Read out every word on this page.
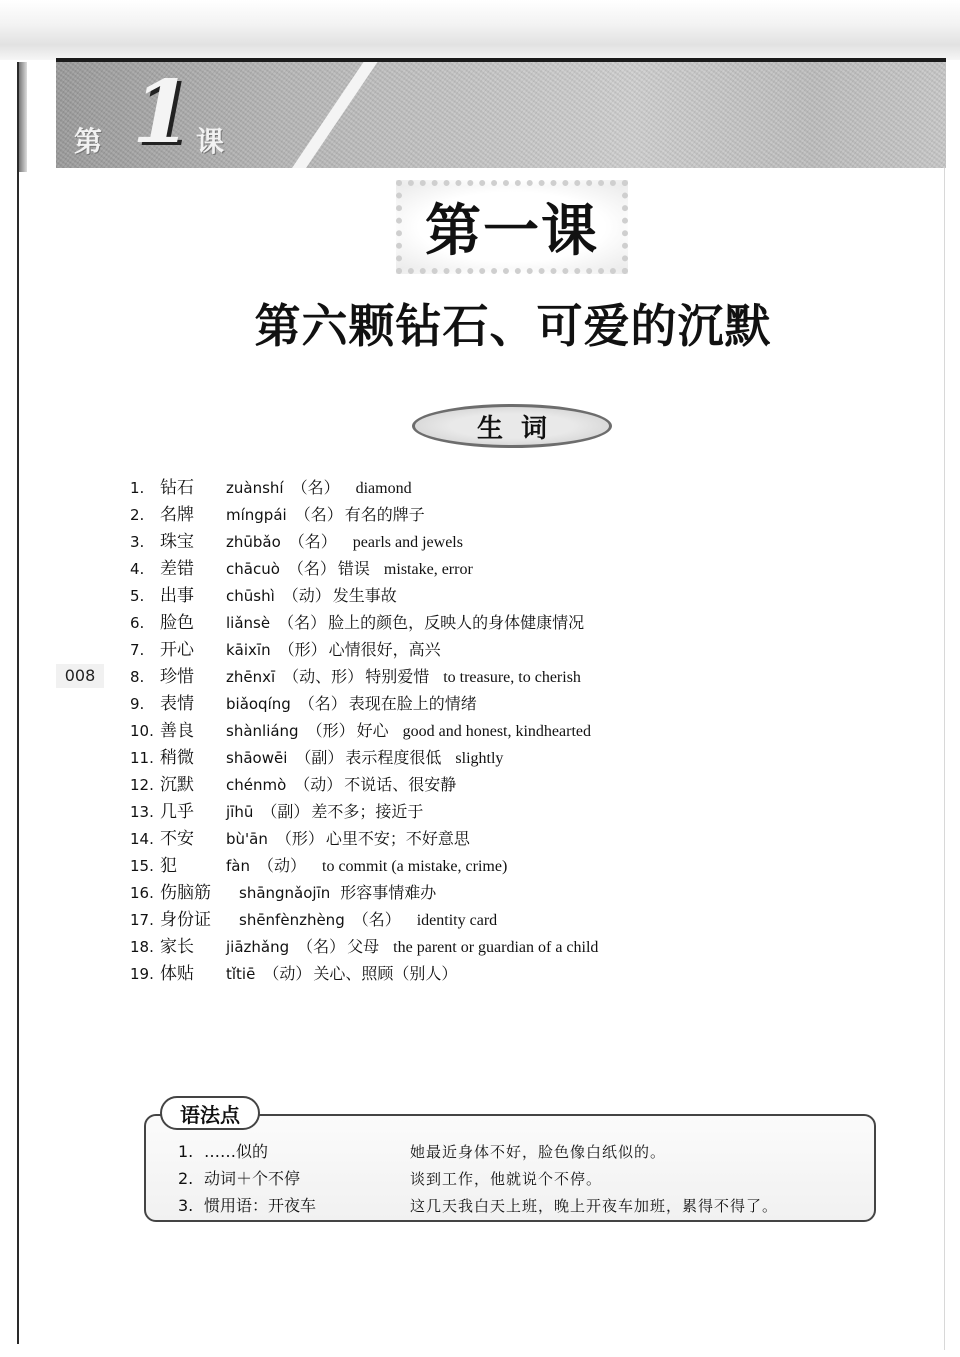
第 1 课
第一课
第六颗钻石、可爱的沉默
生词
008
1. 钻石 zuànshí （名） diamond
2. 名牌 míngpái （名） 有名的牌子
3. 珠宝 zhūbǎo （名） pearls and jewels
4. 差错 chācuò （名） 错误 mistake, error
5. 出事 chūshì （动） 发生事故
6. 脸色 liǎnsè （名） 脸上的颜色，反映人的身体健康情况
7. 开心 kāixīn （形） 心情很好，高兴
8. 珍惜 zhēnxī （动、形） 特别爱惜 to treasure, to cherish
9. 表情 biǎoqíng （名） 表现在脸上的情绪
10. 善良 shànliáng （形） 好心 good and honest, kindhearted
11. 稍微 shāowēi （副） 表示程度很低 slightly
12. 沉默 chénmò （动） 不说话、很安静
13. 几乎 jīhū （副） 差不多；接近于
14. 不安 bù'ān （形） 心里不安；不好意思
15. 犯	fàn （动） to commit (a mistake, crime)
16. 伤脑筋 shāngnǎojīn 形容事情难办
17. 身份证 shēnfènzhèng （名） identity card
18. 家长 jiāzhǎng （名） 父母 the parent or guardian of a child
19. 体贴 tǐtiē （动） 关心、照顾（别人）
语法点
1. ……似的	她最近身体不好，脸色像白纸似的。
2. 动词＋个不停	谈到工作，他就说个不停。
3. 惯用语：开夜车	这几天我白天上班，晚上开夜车加班，累得不得了。
